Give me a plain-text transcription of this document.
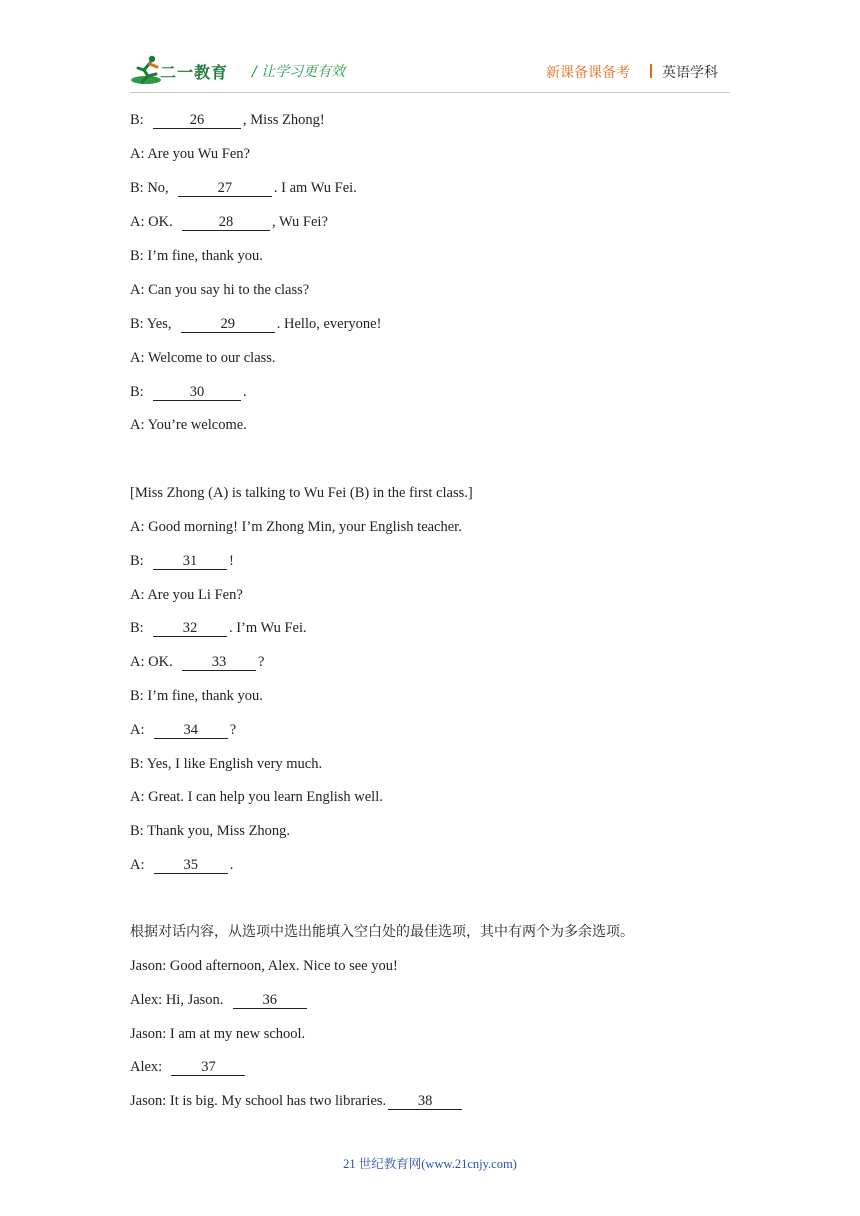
二一教育 / 让学习更有效	新课备课备考 英语学科
B:	26	, Miss Zhong!
A: Are you Wu Fen?
B: No,	27	. I am Wu Fei.
A: OK.	28	, Wu Fei?
B: I’m fine, thank you.
A: Can you say hi to the class?
B: Yes,	29	. Hello, everyone!
A: Welcome to our class.
B:	30	.
A: You’re welcome.
[Miss Zhong (A) is talking to Wu Fei (B) in the first class.]
A: Good morning! I’m Zhong Min, your English teacher.
B:  31 !
A: Are you Li Fen?
B:  32 . I’m Wu Fei.
A: OK.  33 ?
B: I’m fine, thank you.
A:  34 ?
B: Yes, I like English very much.
A: Great. I can help you learn English well.
B: Thank you, Miss Zhong.
A:  35 .
根据对话内容，从选项中选出能填入空白处的最佳选项，其中有两个为多余选项。
Jason: Good afternoon, Alex. Nice to see you!
Alex: Hi, Jason.  36
Jason: I am at my new school.
Alex:  37
Jason: It is big. My school has two libraries. 38
21 世纪教育网(www.21cnjy.com)
